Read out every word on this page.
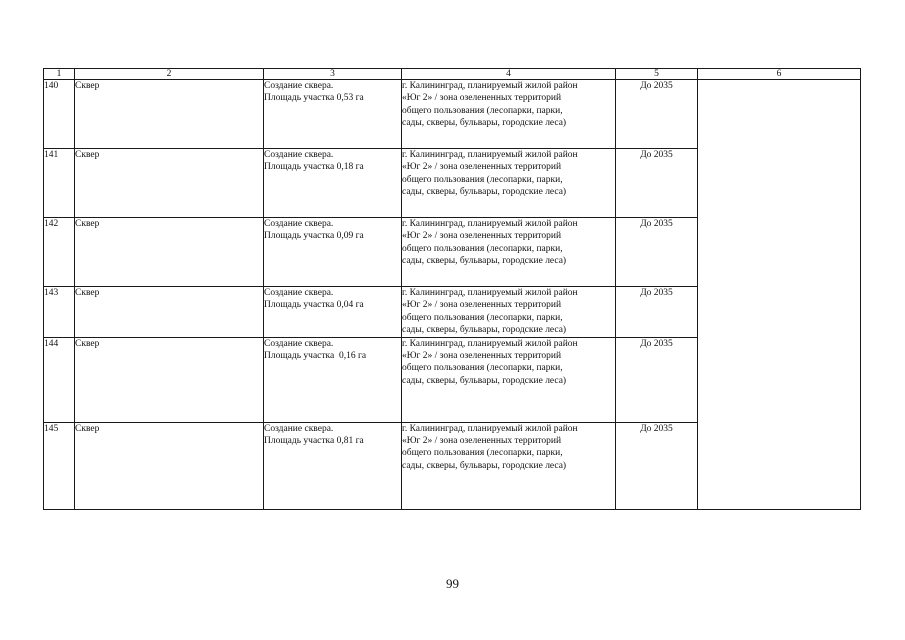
1	2	3	4	5	6
140	Сквер	Создание сквера.
Площадь участка 0,53 га	г. Калининград, планируемый жилой район
«Юг 2» / зона озелененных территорий
общего пользования (лесопарки, парки,
сады, скверы, бульвары, городские леса)	До 2035	
141	Сквер	Создание сквера.
Площадь участка 0,18 га	г. Калининград, планируемый жилой район
«Юг 2» / зона озелененных территорий
общего пользования (лесопарки, парки,
сады, скверы, бульвары, городские леса)	До 2035	
142	Сквер	Создание сквера.
Площадь участка 0,09 га	г. Калининград, планируемый жилой район
«Юг 2» / зона озелененных территорий
общего пользования (лесопарки, парки,
сады, скверы, бульвары, городские леса)	До 2035	
143	Сквер	Создание сквера.
Площадь участка 0,04 га	г. Калининград, планируемый жилой район
«Юг 2» / зона озелененных территорий
общего пользования (лесопарки, парки,
сады, скверы, бульвары, городские леса)	До 2035	
144	Сквер	Создание сквера.
Площадь участка  0,16 га	г. Калининград, планируемый жилой район
«Юг 2» / зона озелененных территорий
общего пользования (лесопарки, парки,
сады, скверы, бульвары, городские леса)	До 2035	
145	Сквер	Создание сквера.
Площадь участка 0,81 га	г. Калининград, планируемый жилой район
«Юг 2» / зона озелененных территорий
общего пользования (лесопарки, парки,
сады, скверы, бульвары, городские леса)	До 2035	
99
